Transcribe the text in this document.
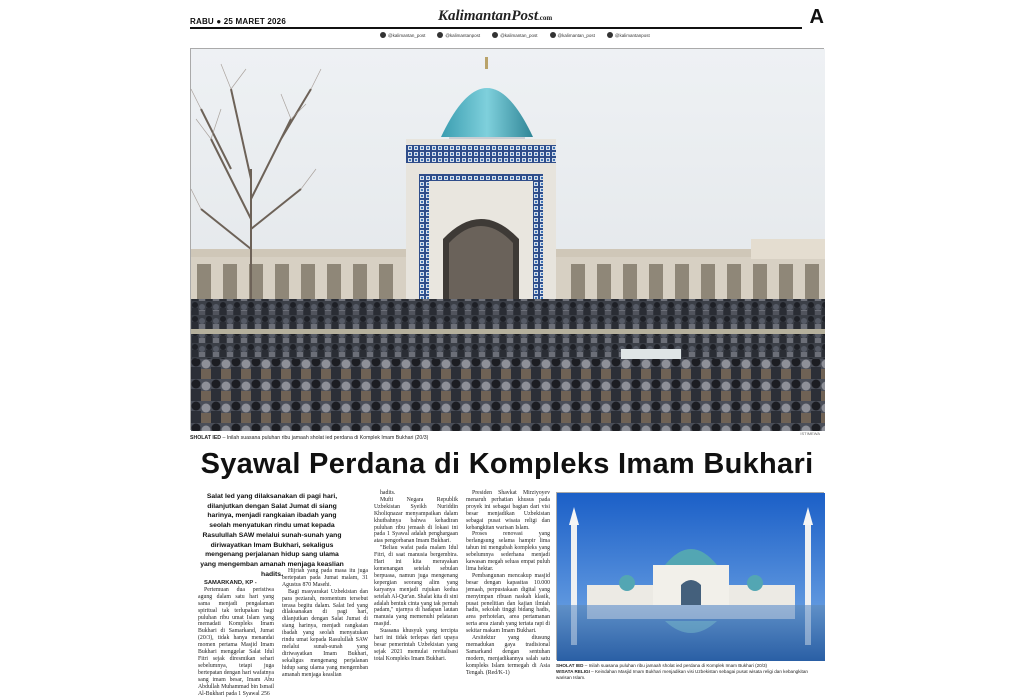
RABU ● 25 MARET 2026	KalimantanPost.com	A
@kalimantan_post	@kalimantanpost	@kalimantan_post	@kalimantan_post	@kalimantanpost
ISTIMEWA
SHOLAT IED – Inilah suasana puluhan ribu jamaah sholat ied perdana di Komplek Imam Bukhari (20/3)
Syawal Perdana di Kompleks Imam Bukhari
Salat Ied yang dilaksanakan di pagi hari, dilanjutkan dengan Salat Jumat di siang harinya, menjadi rangkaian ibadah yang seolah menyatukan rindu umat kepada Rasulullah SAW melalui sunah-sunah yang diriwayatkan Imam Bukhari, sekaligus mengenang perjalanan hidup sang ulama yang mengemban amanah menjaga keaslian hadits.

SAMARKAND, KP -

Pertemuan dua peristiwa agung dalam satu hari yang sama menjadi pengalaman spiritual tak terlupakan bagi puluhan ribu umat Islam yang memadati Kompleks Imam Bukhari di Samarkand, Jumat (20/3), tidak hanya menandai momen pertama Masjid Imam Bukhari menggelar Salat Idul Fitri sejak diresmikan sehari sebelumnya, tetapi juga bertepatan dengan hari wafatnya sang imam besar, Imam Abu Abdullah Muhammad bin Ismail Al-Bukhari pada 1 Syawal 256

Hijriah yang pada masa itu juga bertepatan pada Jumat malam, 31 Agustus 870 Masehi.

Bagi masyarakat Uzbekistan dan para peziarah, momentum tersebut terasa begitu dalam. Salat Ied yang dilaksanakan di pagi hari, dilanjutkan dengan Salat Jumat di siang harinya, menjadi rangkaian ibadah yang seolah menyatukan rindu umat kepada Rasulullah SAW melalui sunah-sunah yang diriwayatkan Imam Bukhari, sekaligus mengenang perjalanan hidup sang ulama yang mengemban amanah menjaga keaslian

hadits.

Mufti Negara Republik Uzbekistan Syeikh Nuriddin Kholiqnazar menyampaikan dalam khutbahnya bahwa kehadiran puluhan ribu jemaah di lokasi ini pada 1 Syawal adalah penghargaan atas pengorbanan Imam Bukhari.

"Beliau wafat pada malam Idul Fitri, di saat manusia bergembira. Hari ini kita merayakan kemenangan setelah sebulan berpuasa, namun juga mengenang kepergian seorang alim yang karyanya menjadi rujukan kedua setelah Al-Qur'an. Shalat kita di sini adalah bentuk cinta yang tak pernah padam," ujarnya di hadapan lautan manusia yang memenuhi pelataran masjid.

Suasana khusyuk yang tercipta hari ini tidak terlepas dari upaya besar pemerintah Uzbekistan yang sejak 2021 memulai revitalisasi total Kompleks Imam Bukhari.

Presiden Shavkat Mirziyoyev menaruh perhatian khusus pada proyek ini sebagai bagian dari visi besar menjadikan Uzbekistan sebagai pusat wisata religi dan kebangkitan warisan Islam.

Proses renovasi yang berlangsung selama hampir lima tahun ini mengubah kompleks yang sebelumnya sederhana menjadi kawasan megah seluas empat puluh lima hektar.

Pembangunan mencakup masjid besar dengan kapasitas 10.000 jemaah, perpustakaan digital yang menyimpan ribuan naskah klasik, pusat penelitian dan kajian ilmiah hadis, sekolah tinggi bidang hadis, area perhotelan, area pertamanan serta area ziarah yang tertata rapi di sekitar makam Imam Bukhari.

Arsitektur yang diusung memadukan gaya tradisional Samarkand dengan sentuhan modern, menjadikannya salah satu kompleks Islam termegah di Asia Tengah. (Red/K-1)

SHOLAT IED – Inilah suasana puluhan ribu jamaah sholat ied perdana di Komplek Imam Bukhari (20/3)
WISATA RELIGI – Keindahan Masjid Imam Bukhari menjadikan visi Uzbekistan sebagai pusat wisata religi dan kebangkitan warisan Islam.
